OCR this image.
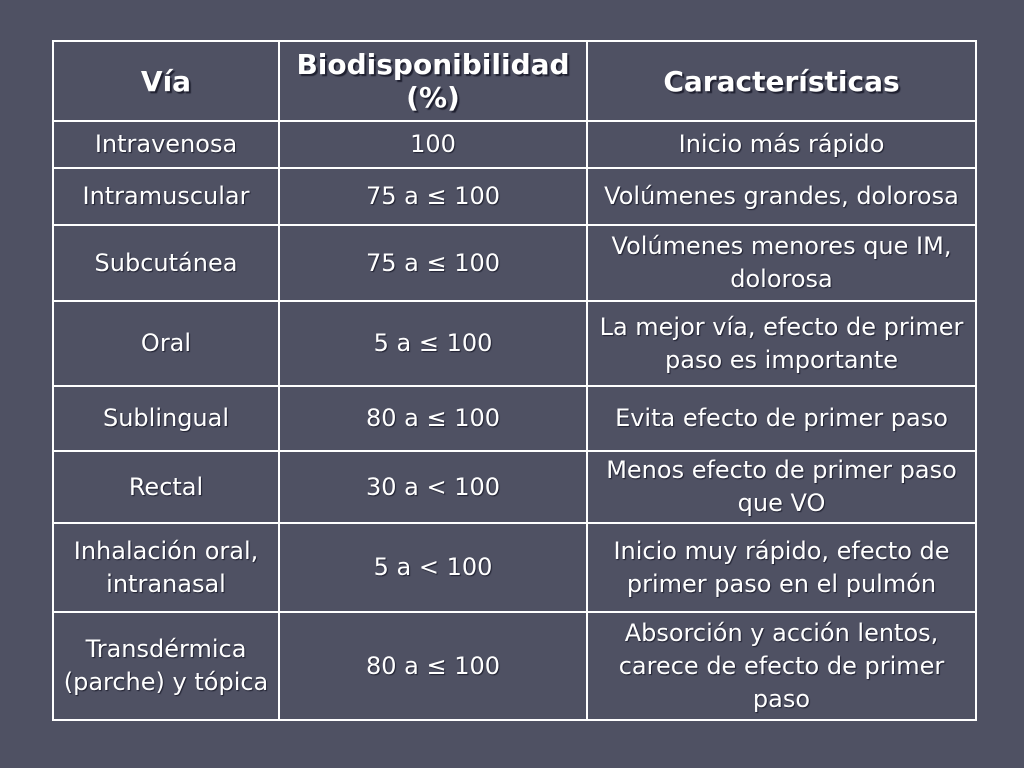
Vía	Biodisponibilidad (%)	Características
Intravenosa	100	Inicio más rápido
Intramuscular	75 a ≤ 100	Volúmenes grandes, dolorosa
Subcutánea	75 a ≤ 100	Volúmenes menores que IM, dolorosa
Oral	5 a ≤ 100	La mejor vía, efecto de primer paso es importante
Sublingual	80 a ≤ 100	Evita efecto de primer paso
Rectal	30 a < 100	Menos efecto de primer paso que VO
Inhalación oral, intranasal	5 a < 100	Inicio muy rápido, efecto de primer paso en el pulmón
Transdérmica (parche) y tópica	80 a ≤ 100	Absorción y acción lentos, carece de efecto de primer paso
